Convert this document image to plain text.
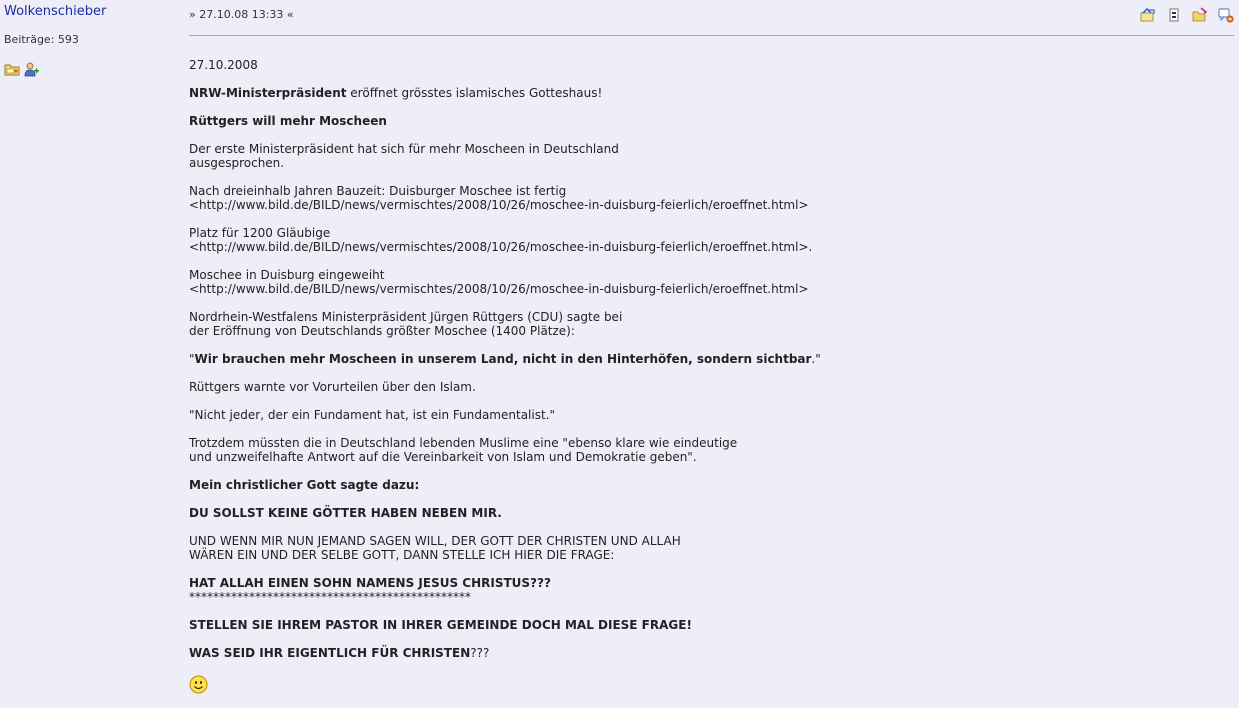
Wolkenschieber
Beiträge: 593
» 27.10.08 13:33 «

27.10.2008

NRW-Ministerpräsident eröffnet grösstes islamisches Gotteshaus!

Rüttgers will mehr Moscheen

Der erste Ministerpräsident hat sich für mehr Moscheen in Deutschland
ausgesprochen.

Nach dreieinhalb Jahren Bauzeit: Duisburger Moschee ist fertig
<http://www.bild.de/BILD/news/vermischtes/2008/10/26/moschee-in-duisburg-feierlich/eroeffnet.html>

Platz für 1200 Gläubige
<http://www.bild.de/BILD/news/vermischtes/2008/10/26/moschee-in-duisburg-feierlich/eroeffnet.html>.

Moschee in Duisburg eingeweiht
<http://www.bild.de/BILD/news/vermischtes/2008/10/26/moschee-in-duisburg-feierlich/eroeffnet.html>

Nordrhein-Westfalens Ministerpräsident Jürgen Rüttgers (CDU) sagte bei
der Eröffnung von Deutschlands größter Moschee (1400 Plätze):

"Wir brauchen mehr Moscheen in unserem Land, nicht in den Hinterhöfen, sondern sichtbar."

Rüttgers warnte vor Vorurteilen über den Islam.

"Nicht jeder, der ein Fundament hat, ist ein Fundamentalist."

Trotzdem müssten die in Deutschland lebenden Muslime eine "ebenso klare wie eindeutige
und unzweifelhafte Antwort auf die Vereinbarkeit von Islam und Demokratie geben".

Mein christlicher Gott sagte dazu:

DU SOLLST KEINE GÖTTER HABEN NEBEN MIR.

UND WENN MIR NUN JEMAND SAGEN WILL, DER GOTT DER CHRISTEN UND ALLAH
WÄREN EIN UND DER SELBE GOTT, DANN STELLE ICH HIER DIE FRAGE:

HAT ALLAH EINEN SOHN NAMENS JESUS CHRISTUS???
***********************************************

STELLEN SIE IHREM PASTOR IN IHRER GEMEINDE DOCH MAL DIESE FRAGE!

WAS SEID IHR EIGENTLICH FÜR CHRISTEN???
